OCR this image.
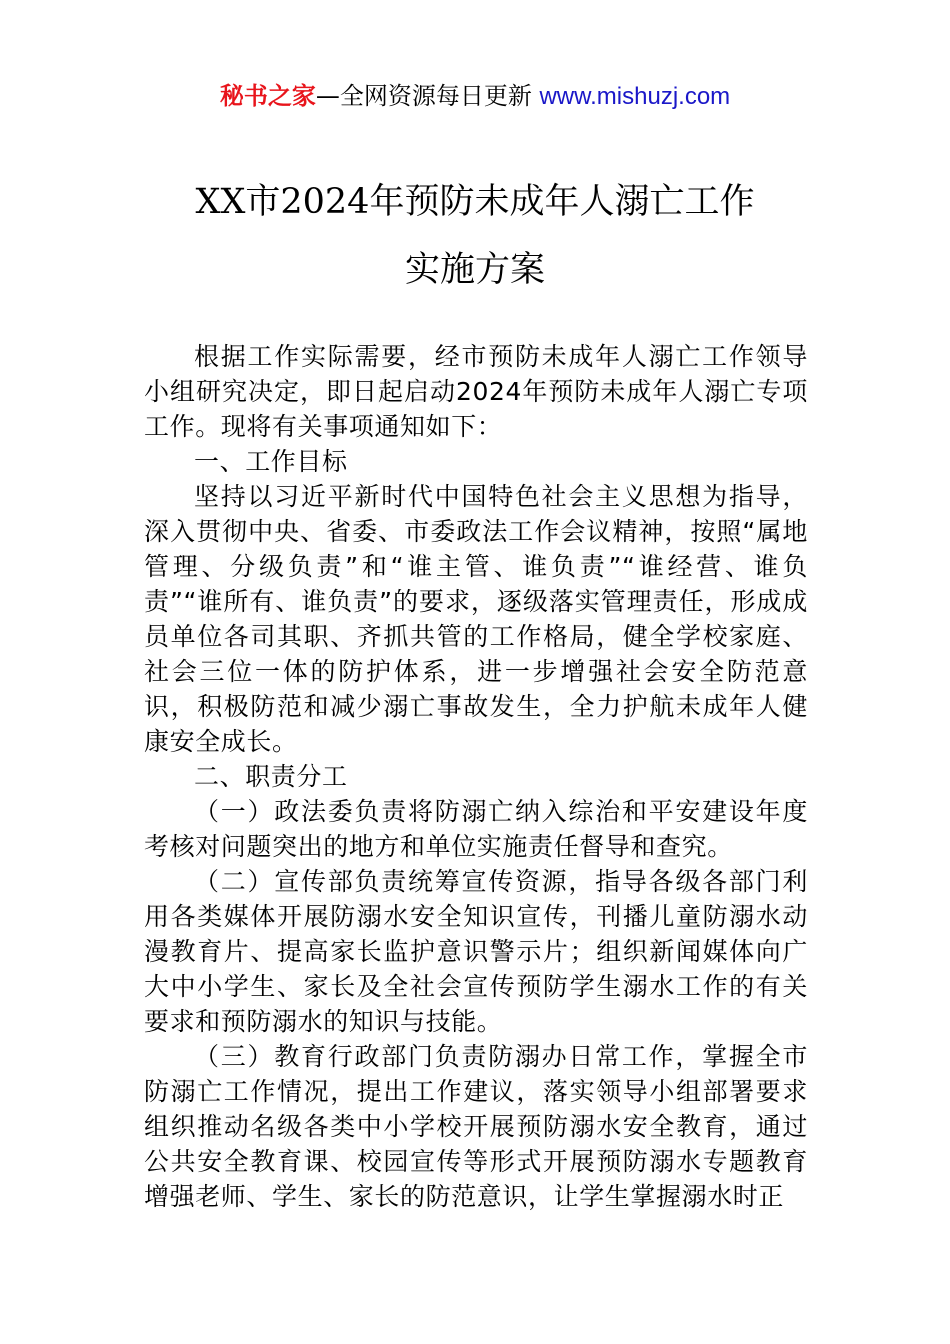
秘书之家—全网资源每日更新 www.mishuzj.com
XX市2024年预防未成年人溺亡工作
实施方案

根据工作实际需要，经市预防未成年人溺亡工作领导小组研究决定，即日起启动2024年预防未成年人溺亡专项工作。现将有关事项通知如下：

一、工作目标

坚持以习近平新时代中国特色社会主义思想为指导，深入贯彻中央、省委、市委政法工作会议精神，按照“属地管理、分级负责”和“谁主管、谁负责”“谁经营、谁负责”“谁所有、谁负责”的要求，逐级落实管理责任，形成成员单位各司其职、齐抓共管的工作格局，健全学校家庭、社会三位一体的防护体系，进一步增强社会安全防范意识，积极防范和减少溺亡事故发生，全力护航未成年人健康安全成长。

二、职责分工

（一）政法委负责将防溺亡纳入综治和平安建设年度考核对问题突出的地方和单位实施责任督导和查究。

（二）宣传部负责统筹宣传资源，指导各级各部门利用各类媒体开展防溺水安全知识宣传，刊播儿童防溺水动漫教育片、提高家长监护意识警示片；组织新闻媒体向广大中小学生、家长及全社会宣传预防学生溺水工作的有关要求和预防溺水的知识与技能。

（三）教育行政部门负责防溺办日常工作，掌握全市防溺亡工作情况，提出工作建议，落实领导小组部署要求组织推动名级各类中小学校开展预防溺水安全教育，通过公共安全教育课、校园宣传等形式开展预防溺水专题教育增强老师、学生、家长的防范意识，让学生掌握溺水时正
